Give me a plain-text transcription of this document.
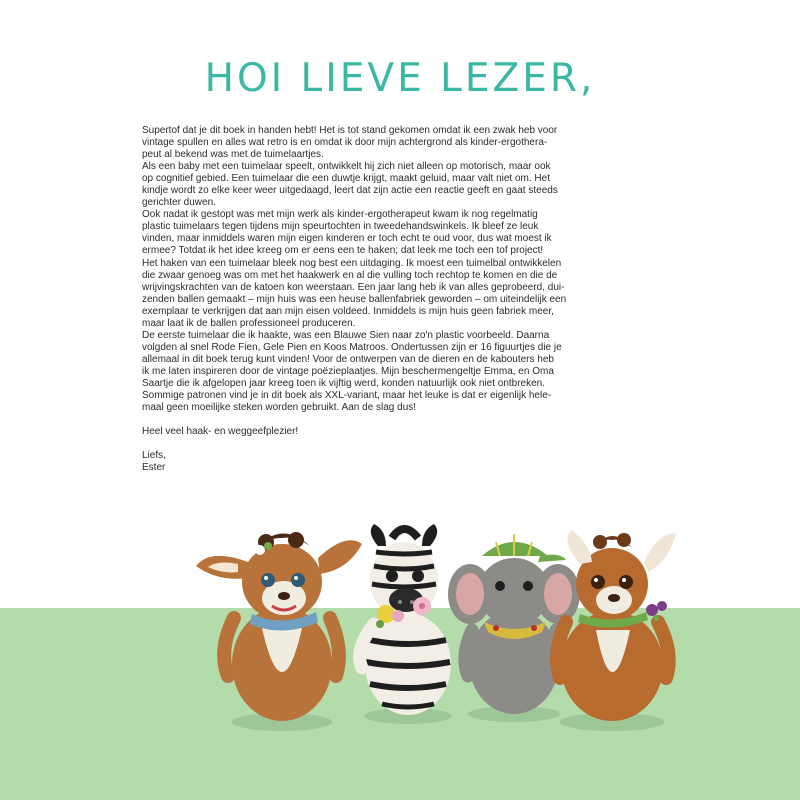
HOI LIEVE LEZER,

Supertof dat je dit boek in handen hebt! Het is tot stand gekomen omdat ik een zwak heb voor

vintage spullen en alles wat retro is en omdat ik door mijn achtergrond als kinder-ergothera-

peut al bekend was met de tuimelaartjes.

Als een baby met een tuimelaar speelt, ontwikkelt hij zich niet alleen op motorisch, maar ook

op cognitief gebied. Een tuimelaar die een duwtje krijgt, maakt geluid, maar valt niet om. Het

kindje wordt zo elke keer weer uitgedaagd, leert dat zijn actie een reactie geeft en gaat steeds

gerichter duwen.

Ook nadat ik gestopt was met mijn werk als kinder-ergotherapeut kwam ik nog regelmatig

plastic tuimelaars tegen tijdens mijn speurtochten in tweedehandswinkels. Ik bleef ze leuk

vinden, maar inmiddels waren mijn eigen kinderen er toch echt te oud voor, dus wat moest ik

ermee? Totdat ik het idee kreeg om er eens een te haken; dat leek me toch een tof project!

Het haken van een tuimelaar bleek nog best een uitdaging. Ik moest een tuimelbal ontwikkelen

die zwaar genoeg was om met het haakwerk en al die vulling toch rechtop te komen en die de

wrijvingskrachten van de katoen kon weerstaan. Een jaar lang heb ik van alles geprobeerd, dui-

zenden ballen gemaakt – mijn huis was een heuse ballenfabriek geworden – om uiteindelijk een

exemplaar te verkrijgen dat aan mijn eisen voldeed. Inmiddels is mijn huis geen fabriek meer,

maar laat ik de ballen professioneel produceren.

De eerste tuimelaar die ik haakte, was een Blauwe Sien naar zo'n plastic voorbeeld. Daarna

volgden al snel Rode Fien, Gele Pien en Koos Matroos. Ondertussen zijn er 16 figuurtjes die je

allemaal in dit boek terug kunt vinden! Voor de ontwerpen van de dieren en de kabouters heb

ik me laten inspireren door de vintage poëzieplaatjes. Mijn beschermengeltje Emma, en Oma

Saartje die ik afgelopen jaar kreeg toen ik vijftig werd, konden natuurlijk ook niet ontbreken.

Sommige patronen vind je in dit boek als XXL-variant, maar het leuke is dat er eigenlijk hele-

maal geen moeilijke steken worden gebruikt. Aan de slag dus!

Heel veel haak- en weggeefplezier!

Liefs,

Ester
